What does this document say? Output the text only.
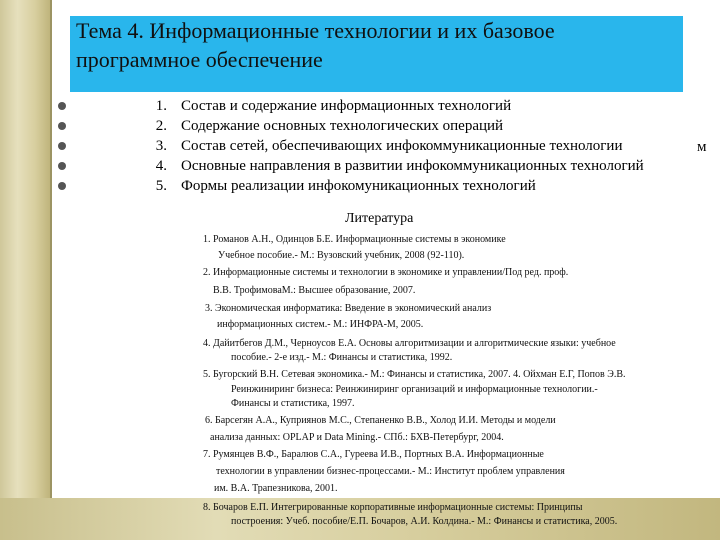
Тема 4. Информационные технологии и их базовое программное обеспечение
1. Состав и содержание информационных технологий
2. Содержание основных технологических операций
3. Состав сетей, обеспечивающих инфокоммуникационные технологии
4. Основные направления в развитии инфокоммуникационных технологий
5. Формы реализации инфокомуникационных технологий
м
Литература
1. Романов А.Н., Одинцов Б.Е. Информационные системы в экономике
Учебное пособие.- М.: Вузовский учебник, 2008 (92-110).
2. Информационные системы и технологии в экономике и управлении/Под ред. проф.
В.В. ТрофимоваМ.: Высшее образование, 2007.
3. Экономическая информатика: Введение в экономический анализ
информационных систем.- М.: ИНФРА-М, 2005.
4. Дайитбегов Д.М., Черноусов Е.А. Основы алгоритмизации и алгоритмические языки: учебное
пособие.- 2-е изд.- М.: Финансы и статистика, 1992.
5. Бугорский В.Н. Сетевая экономика.- М.: Финансы и статистика, 2007. 4. Ойхман Е.Г, Попов Э.В.
Реинжиниринг бизнеса: Реинжиниринг организаций и информационные технологии.-
Финансы и статистика, 1997.
6. Барсегян А.А., Куприянов М.С., Степаненко В.В., Холод И.И. Методы и модели
анализа данных: OPLAP и Data Mining.- СПб.: БХВ-Петербург, 2004.
7. Румянцев В.Ф., Баралюв С.А., Гуреева И.В., Портных В.А. Информационные
технологии в управлении бизнес-процессами.- М.: Институт проблем управления
им. В.А. Трапезникова, 2001.
8. Бочаров Е.П. Интегрированные корпоративные информационные системы: Принципы
построения: Учеб. пособие/Е.П. Бочаров, А.И. Колдина.- М.: Финансы и статистика, 2005.
